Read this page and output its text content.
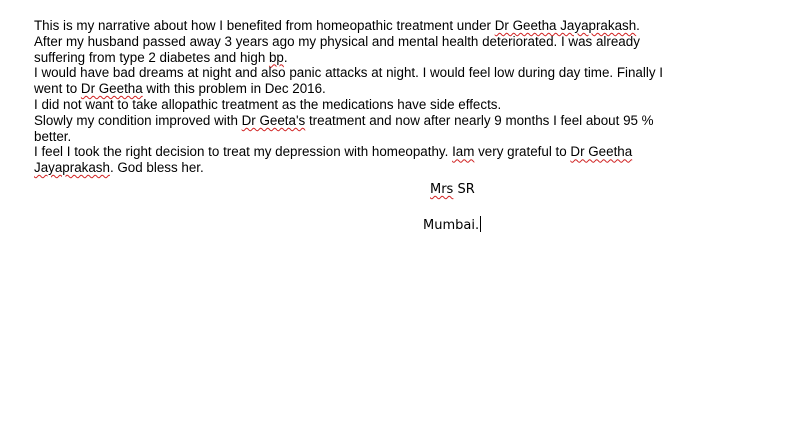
This is my narrative about how I benefited from homeopathic treatment under Dr Geetha Jayaprakash.
After my husband passed away 3 years ago my physical and mental health deteriorated. I was already
suffering from type 2 diabetes and high bp.
I would have bad dreams at night and also panic attacks at night. I would feel low during day time. Finally I
went to Dr Geetha with this problem in Dec 2016.
I did not want to take allopathic treatment as the medications have side effects.
Slowly my condition improved with Dr Geeta's treatment and now after nearly 9 months I feel about 95 %
better.
I feel I took the right decision to treat my depression with homeopathy. Iam very grateful to Dr Geetha
Jayaprakash. God bless her.
Mrs SR
Mumbai.
